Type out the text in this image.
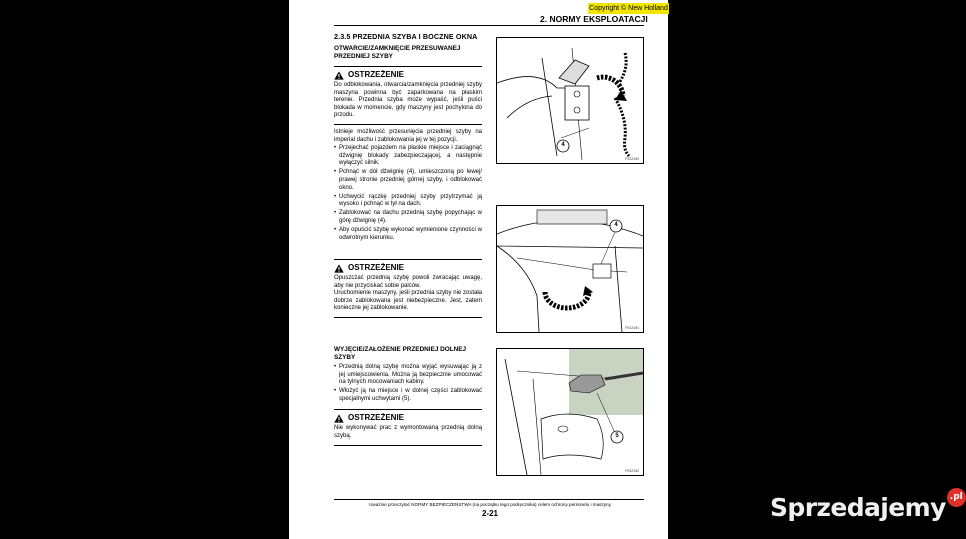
Copyright © New Holland
2. NORMY EKSPLOATACJI
2.3.5 PRZEDNIA SZYBA I BOCZNE OKNA
OTWARCIE/ZAMKNIĘCIE PRZESUWANEJ PRZEDNIEJ SZYBY
OSTRZEŻENIE
Do odblokowania, otwarcia/zamknięcia przedniej szyby maszyna powinna być zaparkowana na płaskim terenie. Przednia szyba może wypaść, jeśli puści blokada w momencie, gdy maszyny jest pochylona do przodu.
Istnieje możliwość przesunięcia przedniej szyby na imperial dachu i zablokowania jej w tej pozycji.
• Przejechać pojazdem na płaskie miejsce i zaciągnąć dźwignię blokady zabezpieczającej, a następnie wyłączyć silnik.
• Pchnąć w dół dźwignię (4), umieszczoną po lewej/ prawej stronie przedniej górnej szyby, i odblokować okno.
• Uchwycić rączkę przedniej szyby przytrzymać ją wysoko i pchnąć w tył na dach.
• Zablokować na dachu przednią szybę popychając w górę dźwignię (4).
• Aby opuścić szybę wykonać wymienione czynności w odwrotnym kierunku.
OSTRZEŻENIE
Opuszczać przednią szybę powoli zwracając uwagę, aby nie przyciskać sobie palców.
Uruchomienie maszyny, jeśli przednia szyby nie została dobrze zablokowana jest niebezpieczne. Jest, zatem konieczne jej zablokowanie.
WYJĘCIE/ZAŁOŻENIE PRZEDNIEJ DOLNEJ SZYBY
• Przednią dolną szybę można wyjąć wysuwając ją z jej umiejscowienia. Można ją bezpiecznie umocować na tylnych mocowaniach kabiny.
• Włożyć ją na miejsce i w dolnej części zablokować specjalnymi uchwytami (5).
OSTRZEŻENIE
Nie wykonywać prac z wymontowaną przednią dolną szybą.
4
FIG2190
4
FIG2191
5
FIG2192
Uważnie przeczytać NORMY BEZPIECZEŃSTWA (na początku tego podręcznika) celem ochrony personelu i maszyny
2-21	Sprzedajemy .pl
